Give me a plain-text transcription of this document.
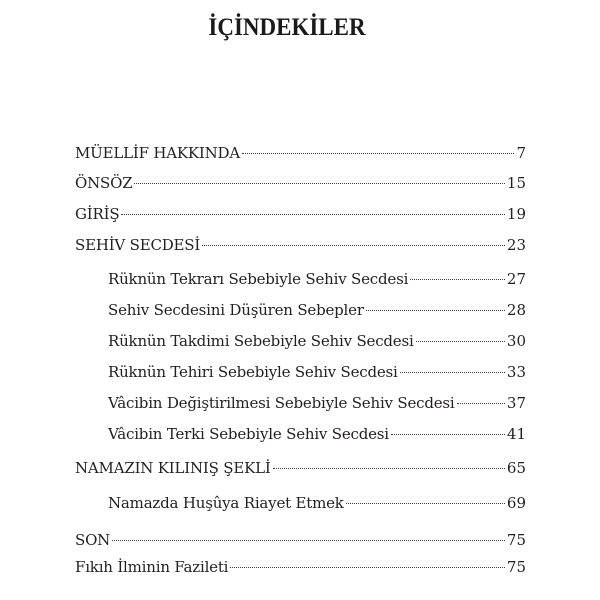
İÇİNDEKİLER
MÜELLİF HAKKINDA	7
ÖNSÖZ	15
GİRİŞ	19
SEHİV SECDESİ	23
Rüknün Tekrarı Sebebiyle Sehiv Secdesi	27
Sehiv Secdesini Düşüren Sebepler	28
Rüknün Takdimi Sebebiyle Sehiv Secdesi	30
Rüknün Tehiri Sebebiyle Sehiv Secdesi	33
Vâcibin Değiştirilmesi Sebebiyle Sehiv Secdesi	37
Vâcibin Terki Sebebiyle Sehiv Secdesi	41
NAMAZIN KILINIŞ ŞEKLİ	65
Namazda Huşûya Riayet Etmek	69
SON	75
Fıkıh İlminin Fazileti	75
